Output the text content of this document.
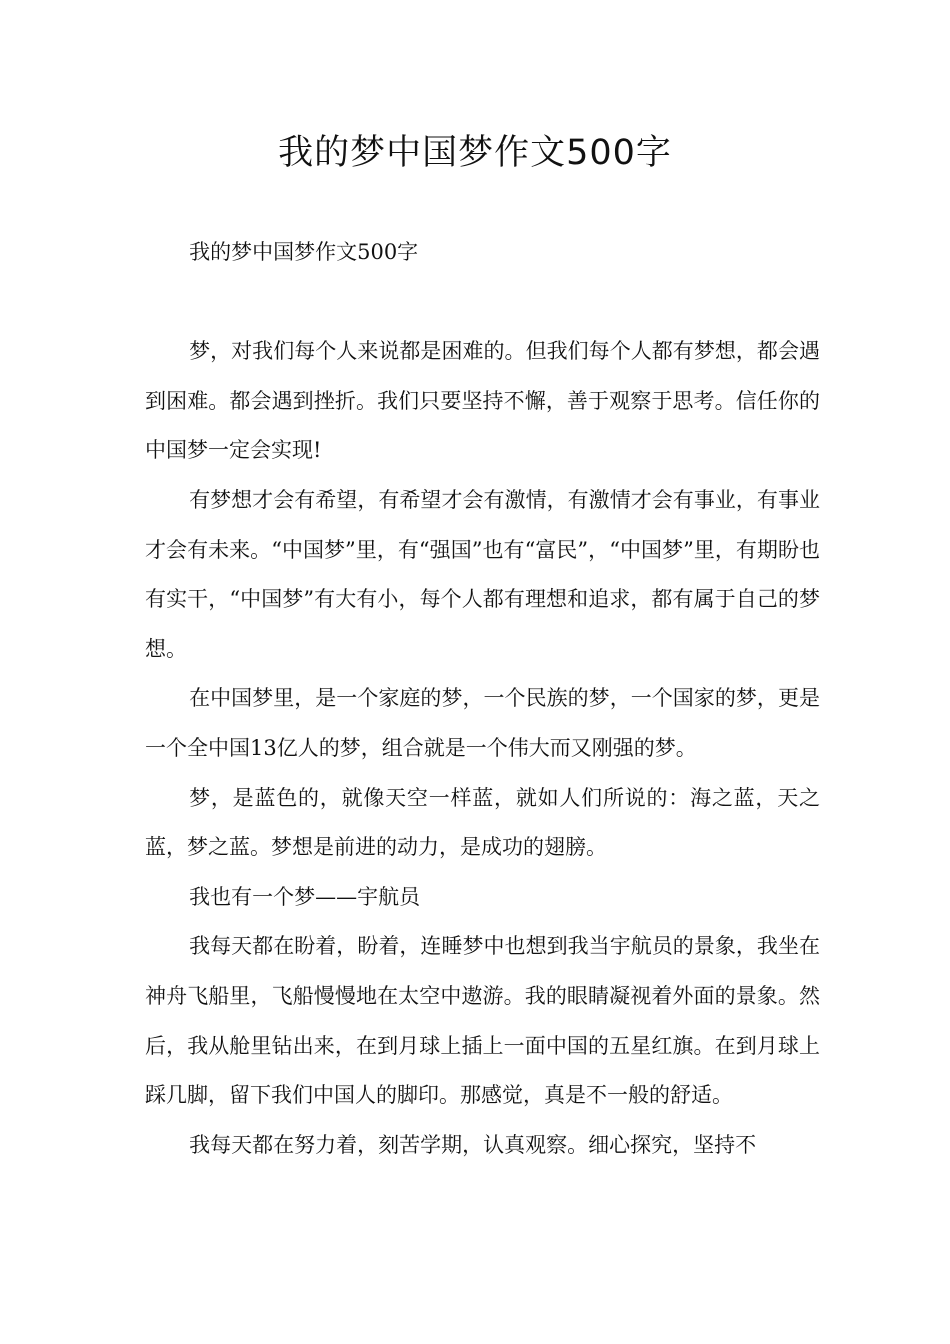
我的梦中国梦作文500字

我的梦中国梦作文500字

梦，对我们每个人来说都是困难的。但我们每个人都有梦想，都会遇到困难。都会遇到挫折。我们只要坚持不懈，善于观察于思考。信任你的中国梦一定会实现!

有梦想才会有希望，有希望才会有激情，有激情才会有事业，有事业才会有未来。“中国梦”里，有“强国”也有“富民”，“中国梦”里，有期盼也有实干，“中国梦”有大有小，每个人都有理想和追求，都有属于自己的梦想。

在中国梦里，是一个家庭的梦，一个民族的梦，一个国家的梦，更是一个全中国13亿人的梦，组合就是一个伟大而又刚强的梦。

梦，是蓝色的，就像天空一样蓝，就如人们所说的：海之蓝，天之蓝，梦之蓝。梦想是前进的动力，是成功的翅膀。

我也有一个梦——宇航员

我每天都在盼着，盼着，连睡梦中也想到我当宇航员的景象，我坐在神舟飞船里，飞船慢慢地在太空中遨游。我的眼睛凝视着外面的景象。然后，我从舱里钻出来，在到月球上插上一面中国的五星红旗。在到月球上踩几脚，留下我们中国人的脚印。那感觉，真是不一般的舒适。

我每天都在努力着，刻苦学期，认真观察。细心探究，坚持不
